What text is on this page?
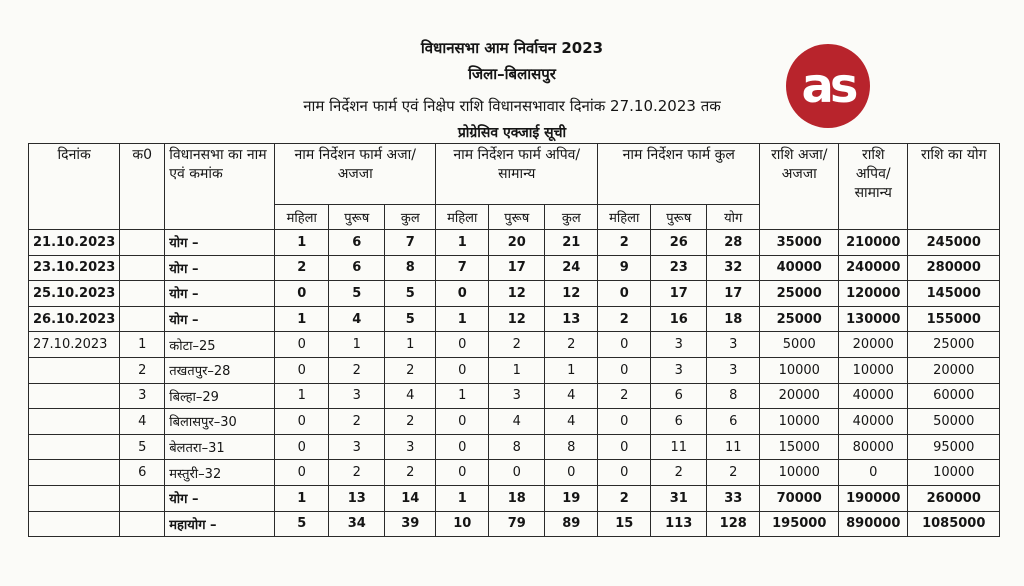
विधानसभा आम निर्वाचन 2023
जिला–बिलासपुर
नाम निर्देशन फार्म एवं निक्षेप राशि विधानसभावार दिनांक 27.10.2023 तक
प्रोग्रेसिव एक्जाई सूची
as
दिनांक	क0	विधानसभा का नाम एवं कमांक	नाम निर्देशन फार्म अजा/अजजा			नाम निर्देशन फार्म अपिव/सामान्य			नाम निर्देशन फार्म कुल			राशि अजा/अजजा	राशि अपिव/सामान्य	राशि का योग
			महिला	पुरूष	कुल	महिला	पुरूष	कुल	महिला	पुरूष	योग			
21.10.2023		योग –	1	6	7	1	20	21	2	26	28	35000	210000	245000
23.10.2023		योग –	2	6	8	7	17	24	9	23	32	40000	240000	280000
25.10.2023		योग –	0	5	5	0	12	12	0	17	17	25000	120000	145000
26.10.2023		योग –	1	4	5	1	12	13	2	16	18	25000	130000	155000
27.10.2023	1	कोटा–25	0	1	1	0	2	2	0	3	3	5000	20000	25000
	2	तखतपुर–28	0	2	2	0	1	1	0	3	3	10000	10000	20000
	3	बिल्हा–29	1	3	4	1	3	4	2	6	8	20000	40000	60000
	4	बिलासपुर–30	0	2	2	0	4	4	0	6	6	10000	40000	50000
	5	बेलतरा–31	0	3	3	0	8	8	0	11	11	15000	80000	95000
	6	मस्तुरी–32	0	2	2	0	0	0	0	2	2	10000	0	10000
		योग –	1	13	14	1	18	19	2	31	33	70000	190000	260000
		महायोग –	5	34	39	10	79	89	15	113	128	195000	890000	1085000
